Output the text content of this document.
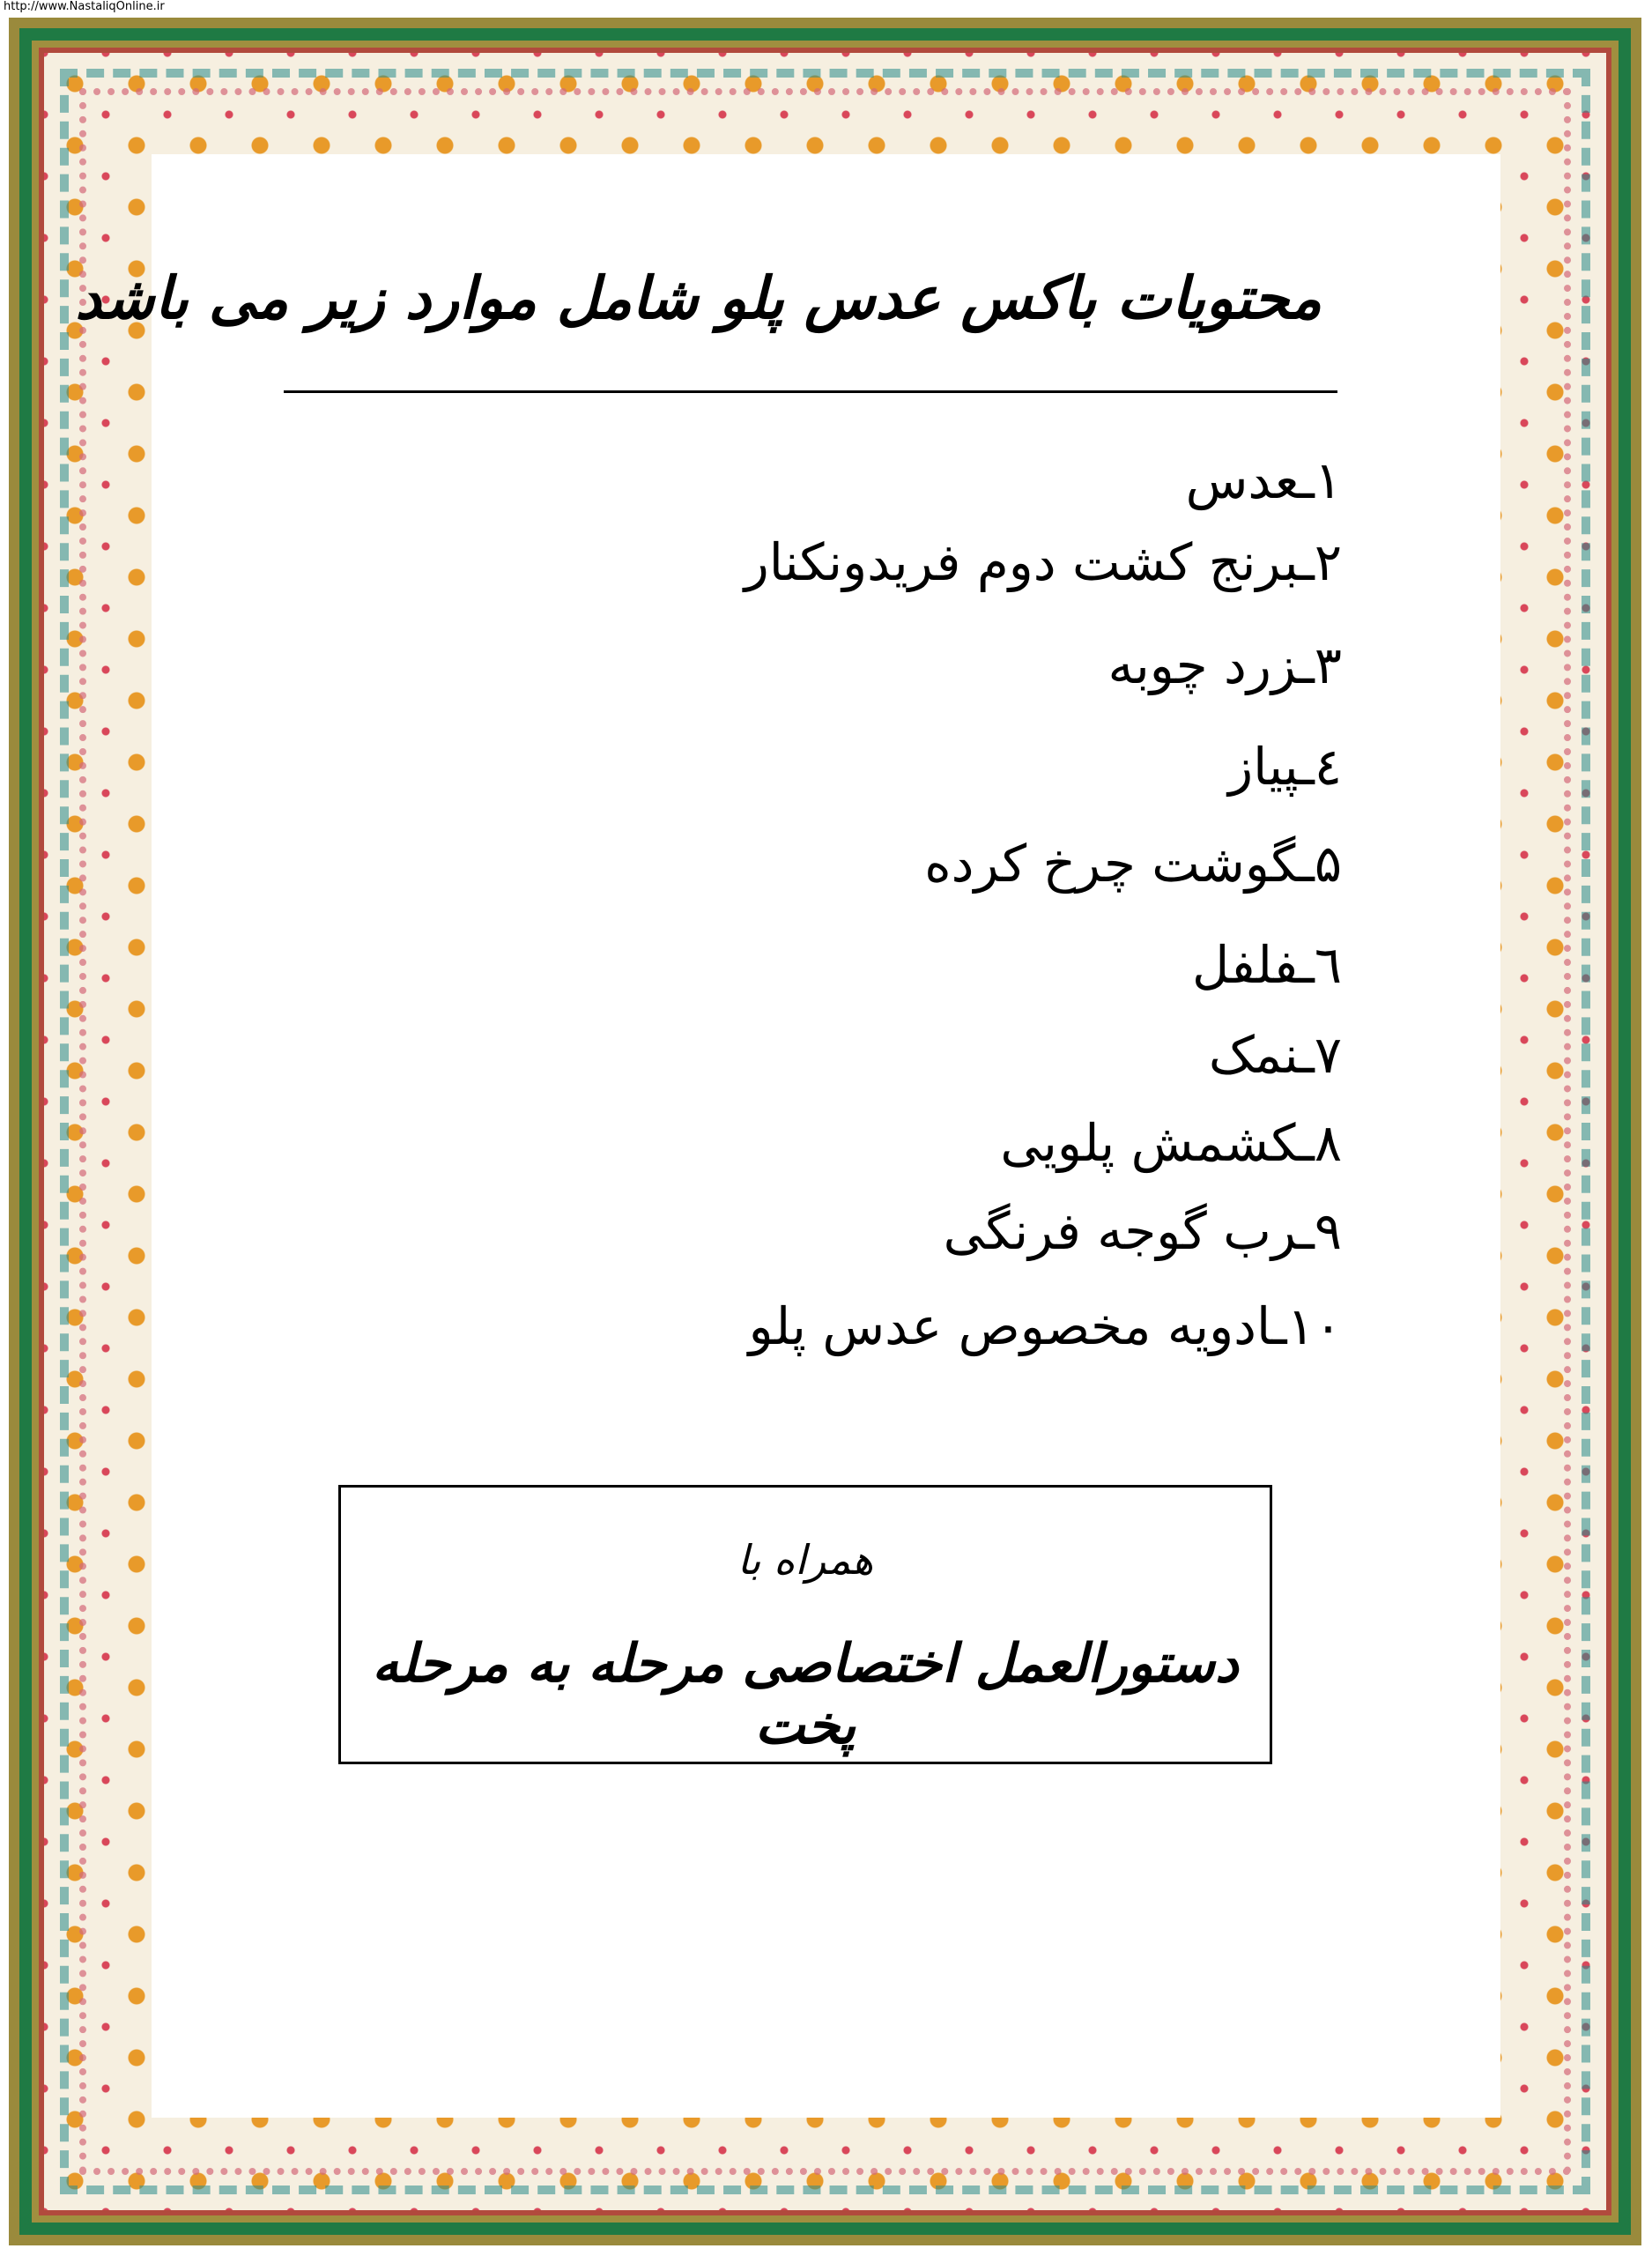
http://www.NastaliqOnline.ir
محتویات باکس عدس پلو شامل موارد زیر می باشد
۱ـعدس
۲ـبرنج کشت دوم فریدونکنار
۳ـزرد چوبه
٤ـپیاز
۵ـگوشت چرخ کرده
٦ـفلفل
۷ـنمک
۸ـکشمش پلویی
۹ـرب گوجه فرنگی
۱۰ـادویه مخصوص عدس پلو
همراه با
دستورالعمل اختصاصی مرحله به مرحله پخت
